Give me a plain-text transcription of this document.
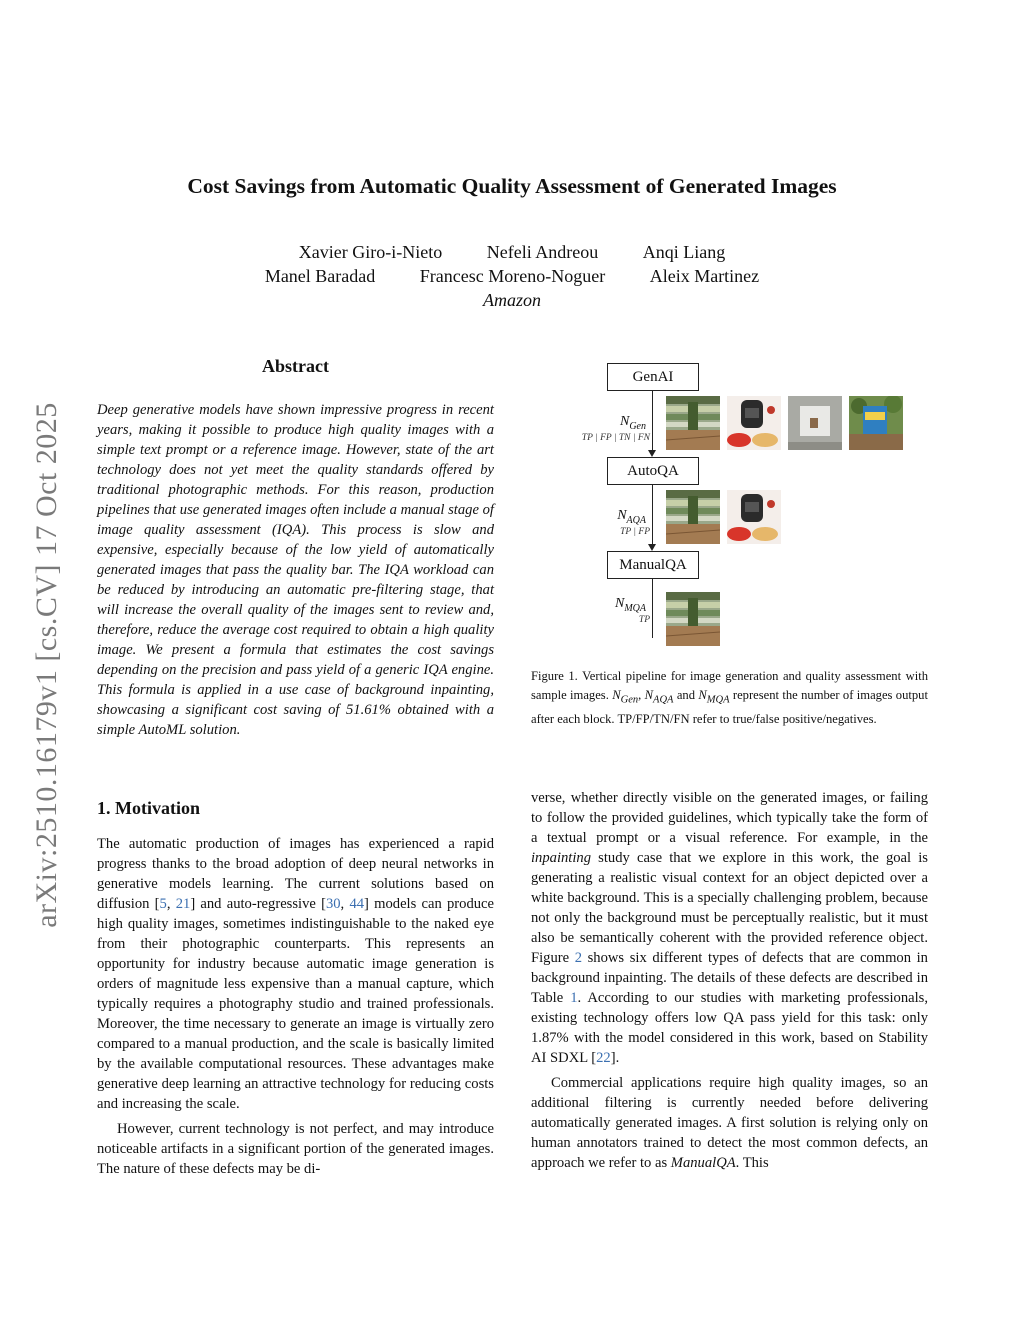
arXiv:2510.16179v1 [cs.CV] 17 Oct 2025
Cost Savings from Automatic Quality Assessment of Generated Images
Xavier Giro-i-Nieto Nefeli Andreou Anqi Liang
Manel Baradad Francesc Moreno-Noguer Aleix Martinez
Amazon
Abstract
Deep generative models have shown impressive progress in recent years, making it possible to produce high quality images with a simple text prompt or a reference image. However, state of the art technology does not yet meet the quality standards offered by traditional photographic methods. For this reason, production pipelines that use generated images often include a manual stage of image quality assessment (IQA). This process is slow and expensive, especially because of the low yield of automatically generated images that pass the quality bar. The IQA workload can be reduced by introducing an automatic pre-filtering stage, that will increase the overall quality of the images sent to review and, therefore, reduce the average cost required to obtain a high quality image. We present a formula that estimates the cost savings depending on the precision and pass yield of a generic IQA engine. This formula is applied in a use case of background inpainting, showcasing a significant cost saving of 51.61% obtained with a simple AutoML solution.
GenAI
AutoQA
ManualQA
$N_{Gen}$
TP | FP | TN | FN
$N_{AQA}$
TP | FP
$N_{MQA}$
TP
Figure 1. Vertical pipeline for image generation and quality assessment with sample images. $N_{Gen}$, $N_{AQA}$ and $N_{MQA}$ represent the number of images output after each block. TP/FP/TN/FN refer to true/false positive/negatives.
1. Motivation

The automatic production of images has experienced a rapid progress thanks to the broad adoption of deep neural networks in generative models learning. The current solutions based on diffusion [5, 21] and auto-regressive [30, 44] models can produce high quality images, sometimes indistinguishable to the naked eye from their photographic counterparts. This represents an opportunity for industry because automatic image generation is orders of magnitude less expensive than a manual capture, which typically requires a photography studio and trained professionals. Moreover, the time necessary to generate an image is virtually zero compared to a manual production, and the scale is basically limited by the available computational resources. These advantages make generative deep learning an attractive technology for reducing costs and increasing the scale.

However, current technology is not perfect, and may introduce noticeable artifacts in a significant portion of the generated images. The nature of these defects may be di-

verse, whether directly visible on the generated images, or failing to follow the provided guidelines, which typically take the form of a textual prompt or a visual reference. For example, in the inpainting study case that we explore in this work, the goal is generating a realistic visual context for an object depicted over a white background. This is a specially challenging problem, because not only the background must be perceptually realistic, but it must also be semantically coherent with the provided reference object. Figure 2 shows six different types of defects that are common in background inpainting. The details of these defects are described in Table 1. According to our studies with marketing professionals, existing technology offers low QA pass yield for this task: only 1.87% with the model considered in this work, based on Stability AI SDXL [22].

Commercial applications require high quality images, so an additional filtering is currently needed before delivering automatically generated images. A first solution is relying only on human annotators trained to detect the most common defects, an approach we refer to as ManualQA. This
